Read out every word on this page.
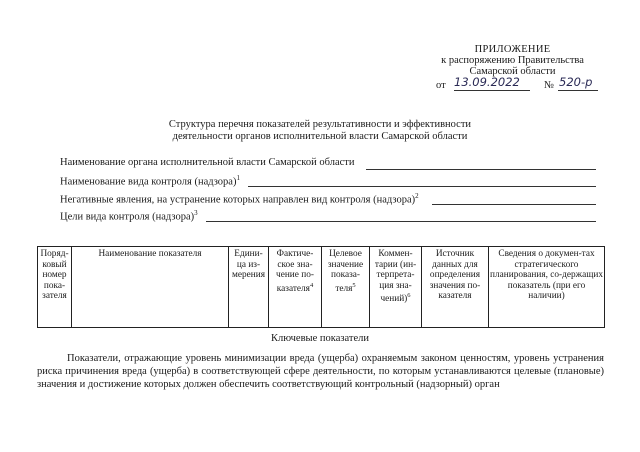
ПРИЛОЖЕНИЕ
к распоряжению Правительства
Самарской области
от 13.09.2022 № 520-р
Структура перечня показателей результативности и эффективности
деятельности органов исполнительной власти Самарской области
Наименование органа исполнительной власти Самарской области
Наименование вида контроля (надзора)$^1$
Негативные явления, на устранение которых направлен вид контроля (надзора)$^2$
Цели вида контроля (надзора)$^3$
Поряд-ковый номер пока-зателя	Наименование показателя	Едини-ца из-мерения	Фактиче-ское зна-чение по-казателя$^4$	Целевое значение показа-теля$^5$	Коммен-тарии (ин-терпрета-ция зна-чений)$^6$	Источник данных для определения значения по-казателя	Сведения о докумен-тах стратегического планирования, со-держащих показатель (при его наличии)
Ключевые показатели
Показатели, отражающие уровень минимизации вреда (ущерба) охраняемым законом ценностям, уровень устранения риска причинения вреда (ущерба) в соответствующей сфере деятельности, по которым устанавливаются целевые (плановые) значения и достижение которых должен обеспечить соответствующий контрольный (надзорный) орган
